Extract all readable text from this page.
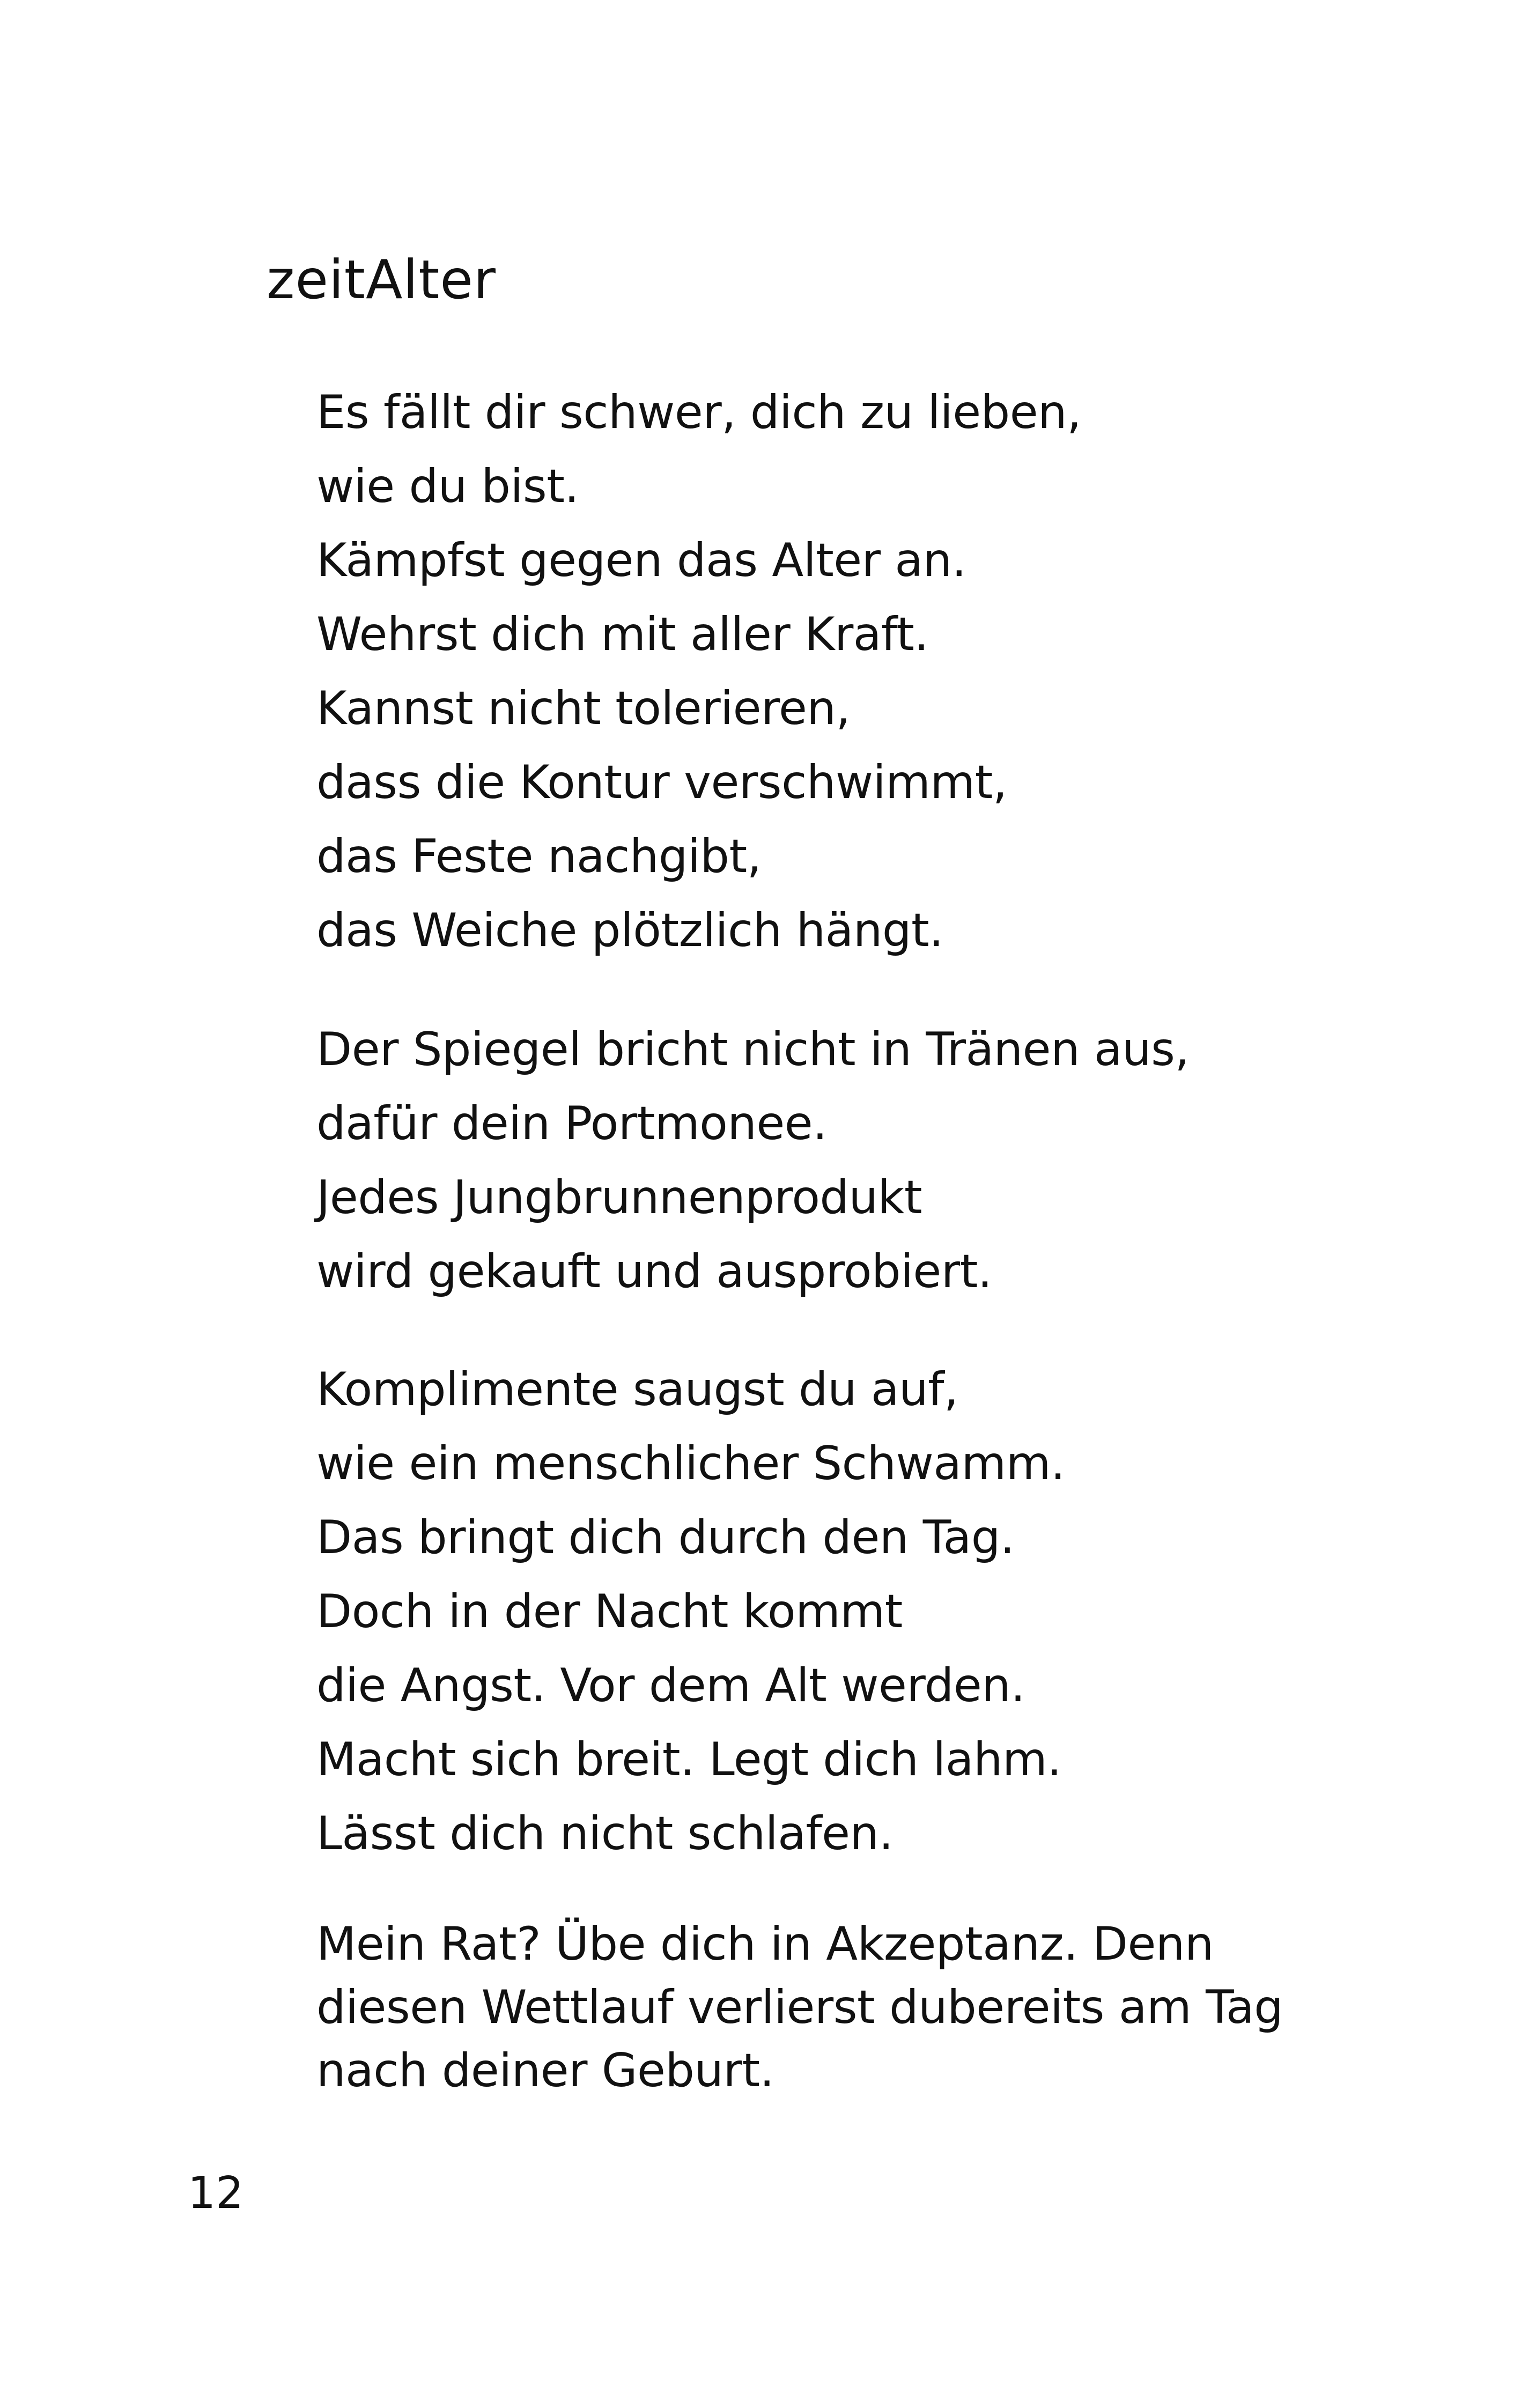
zeitAlter

Es fällt dir schwer, dich zu lieben,
wie du bist.
Kämpfst gegen das Alter an.
Wehrst dich mit aller Kraft.
Kannst nicht tolerieren,
dass die Kontur verschwimmt,
das Feste nachgibt,
das Weiche plötzlich hängt.

Der Spiegel bricht nicht in Tränen aus,
dafür dein Portmonee.
Jedes Jungbrunnenprodukt
wird gekauft und ausprobiert.

Komplimente saugst du auf,
wie ein menschlicher Schwamm.
Das bringt dich durch den Tag.
Doch in der Nacht kommt
die Angst. Vor dem Alt werden.
Macht sich breit. Legt dich lahm.
Lässt dich nicht schlafen.

Mein Rat? Übe dich in Akzeptanz. Denn
diesen Wettlauf verlierst dubereits am Tag
nach deiner Geburt.

12
